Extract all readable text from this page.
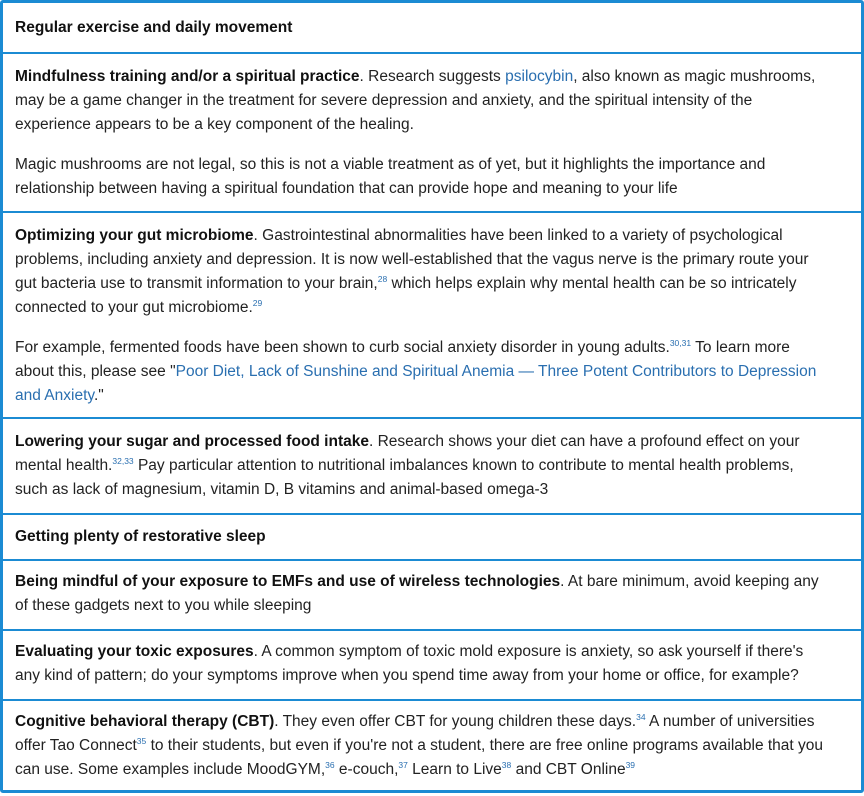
Regular exercise and daily movement
Mindfulness training and/or a spiritual practice. Research suggests psilocybin, also known as magic mushrooms,
may be a game changer in the treatment for severe depression and anxiety, and the spiritual intensity of the
experience appears to be a key component of the healing.
Magic mushrooms are not legal, so this is not a viable treatment as of yet, but it highlights the importance and
relationship between having a spiritual foundation that can provide hope and meaning to your life
Optimizing your gut microbiome. Gastrointestinal abnormalities have been linked to a variety of psychological
problems, including anxiety and depression. It is now well-established that the vagus nerve is the primary route your
gut bacteria use to transmit information to your brain,$^{28}$ which helps explain why mental health can be so intricately
connected to your gut microbiome.$^{29}$
For example, fermented foods have been shown to curb social anxiety disorder in young adults.$^{30,31}$ To learn more
about this, please see "Poor Diet, Lack of Sunshine and Spiritual Anemia — Three Potent Contributors to Depression
and Anxiety."
Lowering your sugar and processed food intake. Research shows your diet can have a profound effect on your
mental health.$^{32,33}$ Pay particular attention to nutritional imbalances known to contribute to mental health problems,
such as lack of magnesium, vitamin D, B vitamins and animal-based omega-3
Getting plenty of restorative sleep
Being mindful of your exposure to EMFs and use of wireless technologies. At bare minimum, avoid keeping any
of these gadgets next to you while sleeping
Evaluating your toxic exposures. A common symptom of toxic mold exposure is anxiety, so ask yourself if there's
any kind of pattern; do your symptoms improve when you spend time away from your home or office, for example?
Cognitive behavioral therapy (CBT). They even offer CBT for young children these days.$^{34}$ A number of universities
offer Tao Connect$^{35}$ to their students, but even if you're not a student, there are free online programs available that you
can use. Some examples include MoodGYM,$^{36}$ e-couch,$^{37}$ Learn to Live$^{38}$ and CBT Online$^{39}$
